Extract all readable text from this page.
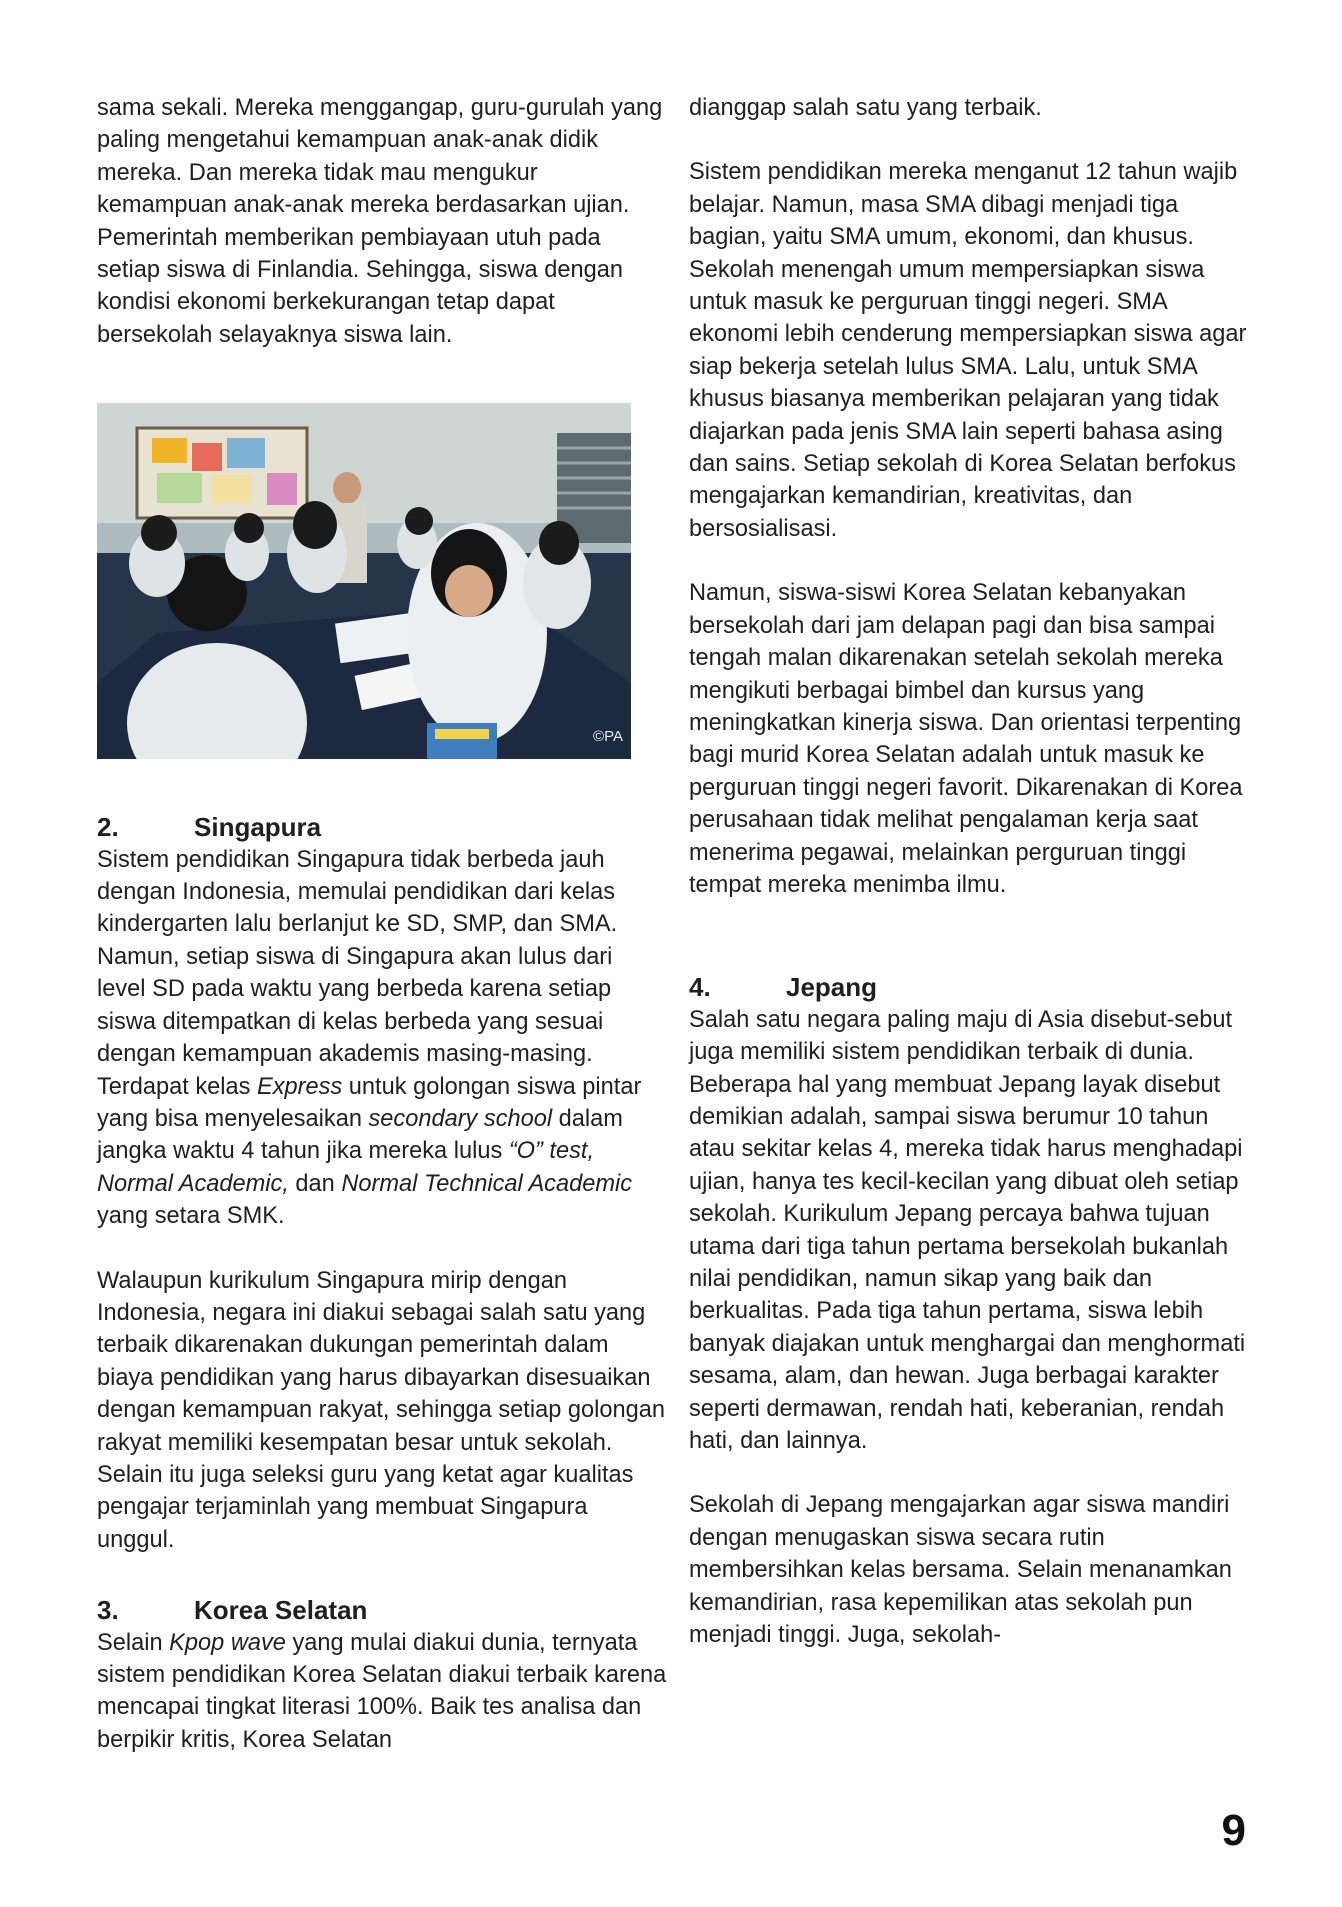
sama sekali. Mereka menggangap, guru-gurulah yang paling mengetahui kemampuan anak-anak didik mereka. Dan mereka tidak mau mengukur kemampuan anak-anak mereka berdasarkan ujian. Pemerintah memberikan pembiayaan utuh pada setiap siswa di Finlandia. Sehingga, siswa dengan kondisi ekonomi berkekurangan tetap dapat bersekolah selayaknya siswa lain.

©PA
2.	Singapura

Sistem pendidikan Singapura tidak berbeda jauh dengan Indonesia, memulai pendidikan dari kelas kindergarten lalu berlanjut ke SD, SMP, dan SMA. Namun, setiap siswa di Singapura akan lulus dari level SD pada waktu yang berbeda karena setiap siswa ditempatkan di kelas berbeda yang sesuai dengan kemampuan akademis masing-masing. Terdapat kelas Express untuk golongan siswa pintar yang bisa menyelesaikan secondary school dalam jangka waktu 4 tahun jika mereka lulus “O” test, Normal Academic, dan Normal Technical Academic yang setara SMK.

Walaupun kurikulum Singapura mirip dengan Indonesia, negara ini diakui sebagai salah satu yang terbaik dikarenakan dukungan pemerintah dalam biaya pendidikan yang harus dibayarkan disesuaikan dengan kemampuan rakyat, sehingga setiap golongan rakyat memiliki kesempatan besar untuk sekolah. Selain itu juga seleksi guru yang ketat agar kualitas pengajar terjaminlah yang membuat Singapura unggul.

3.	Korea Selatan

Selain Kpop wave yang mulai diakui dunia, ternyata sistem pendidikan Korea Selatan diakui terbaik karena mencapai tingkat literasi 100%. Baik tes analisa dan berpikir kritis, Korea Selatan

dianggap salah satu yang terbaik.

Sistem pendidikan mereka menganut 12 tahun wajib belajar. Namun, masa SMA dibagi menjadi tiga bagian, yaitu SMA umum, ekonomi, dan khusus. Sekolah menengah umum mempersiapkan siswa untuk masuk ke perguruan tinggi negeri. SMA ekonomi lebih cenderung mempersiapkan siswa agar siap bekerja setelah lulus SMA. Lalu, untuk SMA khusus biasanya memberikan pelajaran yang tidak diajarkan pada jenis SMA lain seperti bahasa asing dan sains. Setiap sekolah di Korea Selatan berfokus mengajarkan kemandirian, kreativitas, dan bersosialisasi.

Namun, siswa-siswi Korea Selatan kebanyakan bersekolah dari jam delapan pagi dan bisa sampai tengah malan dikarenakan setelah sekolah mereka mengikuti berbagai bimbel dan kursus yang meningkatkan kinerja siswa. Dan orientasi terpenting bagi murid Korea Selatan adalah untuk masuk ke perguruan tinggi negeri favorit. Dikarenakan di Korea perusahaan tidak melihat pengalaman kerja saat menerima pegawai, melainkan perguruan tinggi tempat mereka menimba ilmu.

4.	Jepang

Salah satu negara paling maju di Asia disebut-sebut juga memiliki sistem pendidikan terbaik di dunia. Beberapa hal yang membuat Jepang layak disebut demikian adalah, sampai siswa berumur 10 tahun atau sekitar kelas 4, mereka tidak harus menghadapi ujian, hanya tes kecil-kecilan yang dibuat oleh setiap sekolah. Kurikulum Jepang percaya bahwa tujuan utama dari tiga tahun pertama bersekolah bukanlah nilai pendidikan, namun sikap yang baik dan berkualitas. Pada tiga tahun pertama, siswa lebih banyak diajakan untuk menghargai dan menghormati sesama, alam, dan hewan. Juga berbagai karakter seperti dermawan, rendah hati, keberanian, rendah hati, dan lainnya.

Sekolah di Jepang mengajarkan agar siswa mandiri dengan menugaskan siswa secara rutin membersihkan kelas bersama. Selain menanamkan kemandirian, rasa kepemilikan atas sekolah pun menjadi tinggi. Juga, sekolah-

9
